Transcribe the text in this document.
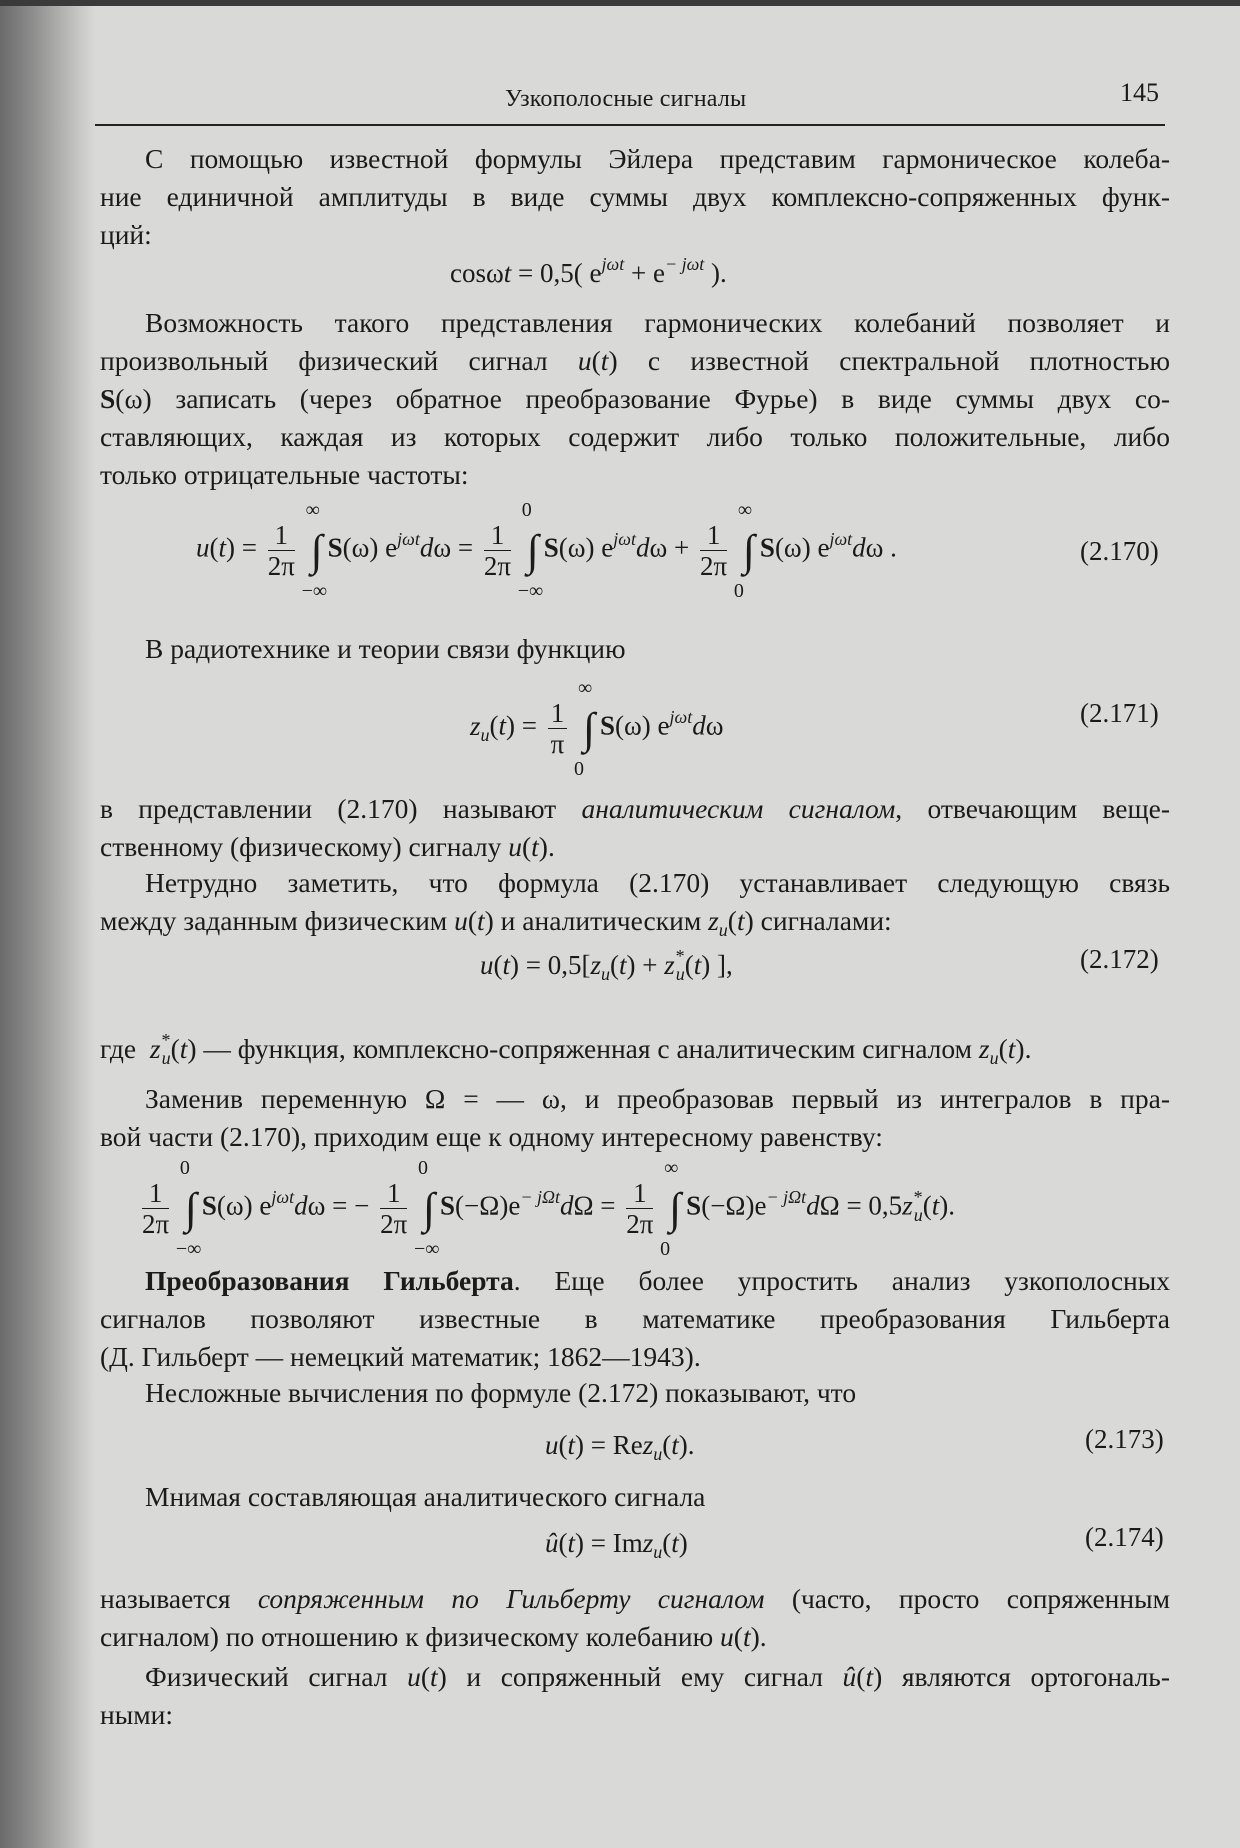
Узкополосные сигналы	145
С помощью известной формулы Эйлера представим гармоническое колеба-
ние единичной амплитуды в виде суммы двух комплексно-сопряженных функ-
ций:
cosωt = 0,5( $e^{j\omega t} + e^{- j\omega t}$ ).
Возможность такого представления гармонических колебаний позволяет и
произвольный физический сигнал u(t) с известной спектральной плотностью
S(ω) записать (через обратное преобразование Фурье) в виде суммы двух со-
ставляющих, каждая из которых содержит либо только положительные, либо
только отрицательные частоты:
$u(t) = \frac{1}{2\pi}$

∞
∫
−∞
S(ω) $e^{j\omega t}d\omega = \frac{1}{2\pi}$

0
∫
−∞
S(ω) $e^{j\omega t}d\omega + \frac{1}{2\pi}$

∞
∫
0
S(ω) $e^{j\omega t}d\omega$ .	(2.170)
В радиотехнике и теории связи функцию
$z_u(t) = \frac{1}{\pi}$

∞
∫
0
S(ω) $e^{j\omega t}d\omega$	(2.171)
в представлении (2.170) называют аналитическим сигналом, отвечающим веще-
ственному (физическому) сигналу u(t).
Нетрудно заметить, что формула (2.170) устанавливает следующую связь
между заданным физическим u(t) и аналитическим $z_u(t)$ сигналами:
$u(t) = 0,5[z_u(t) + z^*_u(t)$ ],	(2.172)
где  $z^*_u(t)$ — функция, комплексно-сопряженная с аналитическим сигналом $z_u(t)$.
Заменив переменную Ω = — ω, и преобразовав первый из интегралов в пра-
вой части (2.170), приходим еще к одному интересному равенству:
$\frac{1}{2\pi}$

0
∫
−∞
S(ω) $e^{j\omega t}d\omega$ = − $\frac{1}{2\pi}$

0
∫
−∞
$S(-\Omega)e^{- j\Omega t}d\Omega = \frac{1}{2\pi}$

∞
∫
0
$S(-\Omega)e^{- j\Omega t}d\Omega = 0,5z^*_u(t)$.
Преобразования Гильберта. Еще более упростить анализ узкополосных
сигналов позволяют известные в математике преобразования Гильберта
(Д. Гильберт — немецкий математик; 1862—1943).
Несложные вычисления по формуле (2.172) показывают, что
u(t) = Rez$_u$(t).	(2.173)
Мнимая составляющая аналитического сигнала
û(t) = Imz$_u$(t)	(2.174)
называется сопряженным по Гильберту сигналом (часто, просто сопряженным
сигналом) по отношению к физическому колебанию u(t).
Физический сигнал u(t) и сопряженный ему сигнал û(t) являются ортогональ-
ными:
